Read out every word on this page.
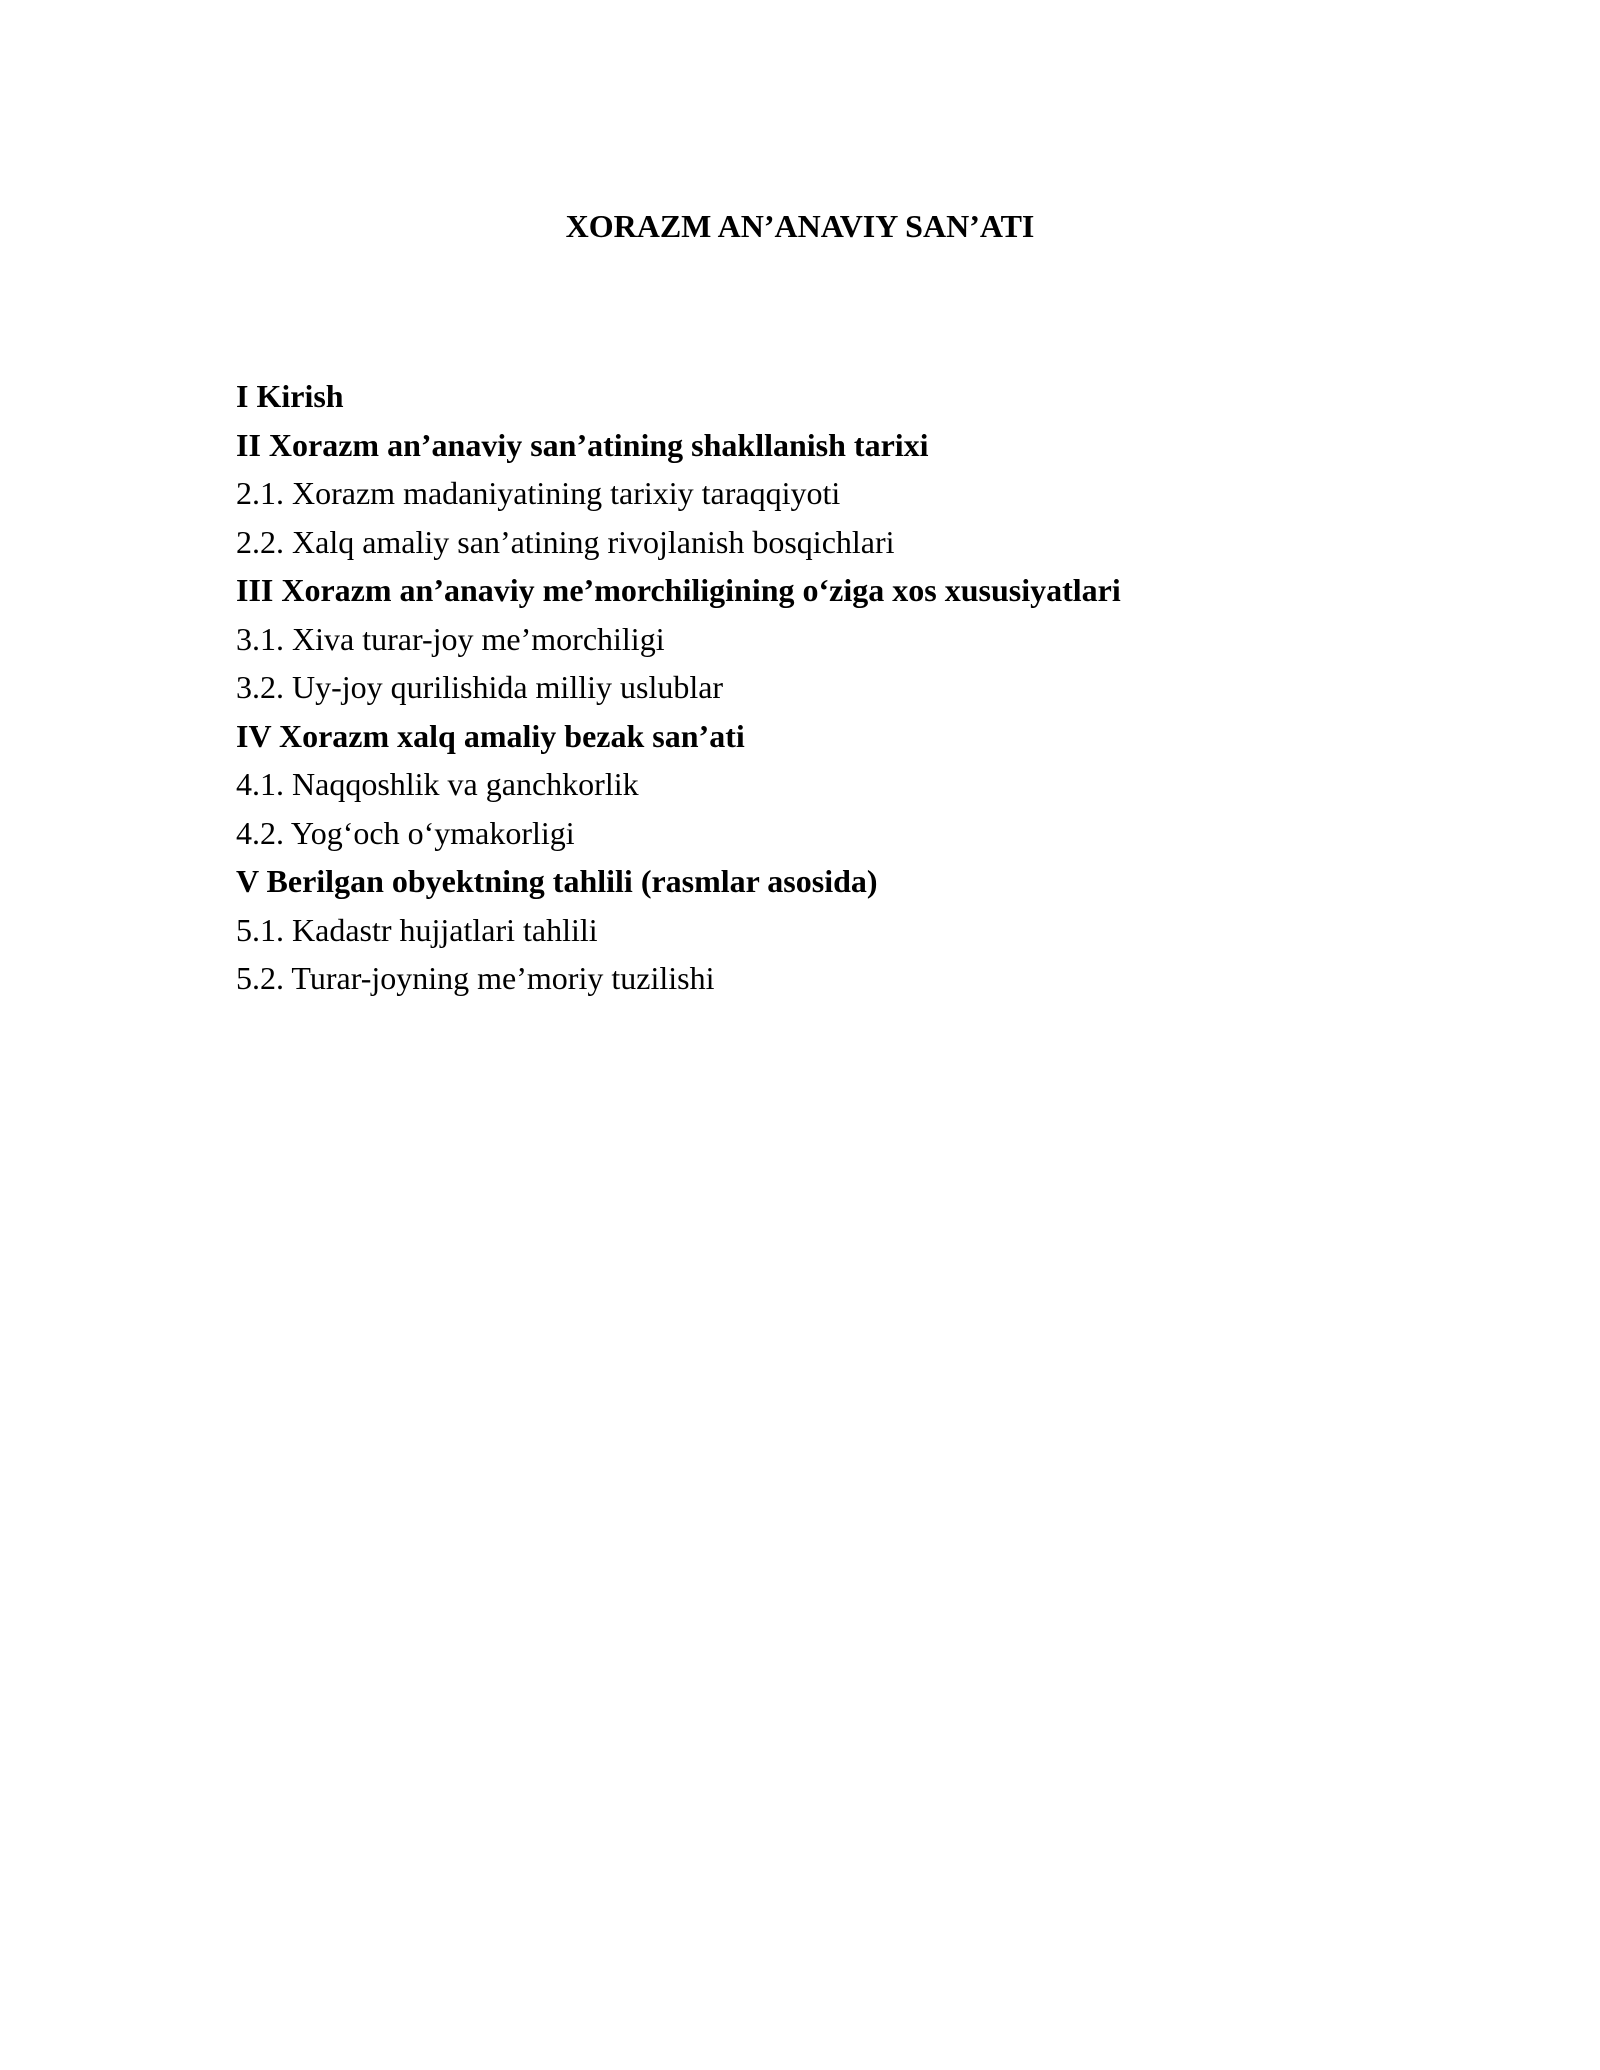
XORAZM AN’ANAVIY SAN’ATI
I Kirish
II Xorazm an’anaviy san’atining shakllanish tarixi
2.1. Xorazm madaniyatining tarixiy taraqqiyoti
2.2. Xalq amaliy san’atining rivojlanish bosqichlari
III Xorazm an’anaviy me’morchiligining o‘ziga xos xususiyatlari
3.1. Xiva turar-joy me’morchiligi
3.2. Uy-joy qurilishida milliy uslublar
IV Xorazm xalq amaliy bezak san’ati
4.1. Naqqoshlik va ganchkorlik
4.2. Yog‘och o‘ymakorligi
V Berilgan obyektning tahlili (rasmlar asosida)
5.1. Kadastr hujjatlari tahlili
5.2. Turar-joyning me’moriy tuzilishi
